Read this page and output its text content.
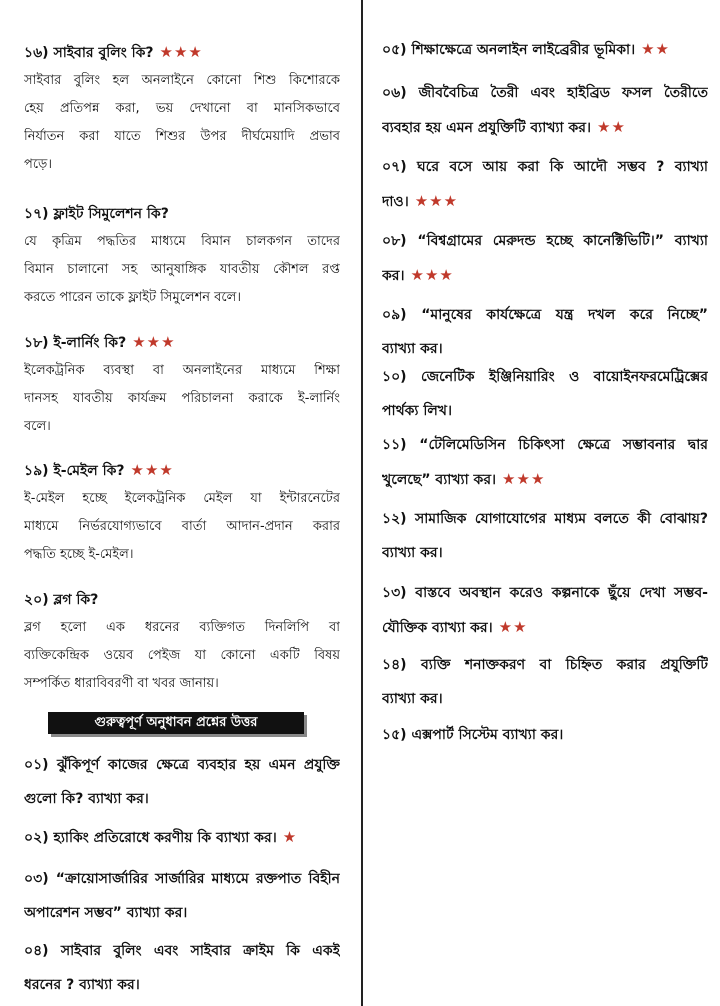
১৬) সাইবার বুলিং কি? ★★★
সাইবার বুলিং হল অনলাইনে কোনো শিশু কিশোরকে
হেয় প্রতিপন্ন করা, ভয় দেখানো বা মানসিকভাবে
নির্যাতন করা যাতে শিশুর উপর দীর্ঘমেয়াদি প্রভাব
পড়ে।
১৭) ফ্লাইট সিমুলেশন কি?
যে কৃত্রিম পদ্ধতির মাধ্যমে বিমান চালকগন তাদের
বিমান চালানো সহ আনুষাঙ্গিক যাবতীয় কৌশল রপ্ত
করতে পারেন তাকে ফ্লাইট সিমুলেশন বলে।
১৮) ই-লার্নিং কি? ★★★
ইলেকট্রনিক ব্যবস্থা বা অনলাইনের মাধ্যমে শিক্ষা
দানসহ যাবতীয় কার্যক্রম পরিচালনা করাকে ই-লার্নিং
বলে।
১৯) ই-মেইল কি? ★★★
ই-মেইল হচ্ছে ইলেকট্রনিক মেইল যা ইন্টারনেটের
মাধ্যমে নির্ভরযোগ্যভাবে বার্তা আদান-প্রদান করার
পদ্ধতি হচ্ছে ই-মেইল।
২০) ব্লগ কি?
ব্লগ হলো এক ধরনের ব্যক্তিগত দিনলিপি বা
ব্যক্তিকেন্দ্রিক ওয়েব পেইজ যা কোনো একটি বিষয়
সম্পর্কিত ধারাবিবরণী বা খবর জানায়।
গুরুত্বপূর্ণ অনুধাবন প্রশ্নের উত্তর
০১) ঝুঁকিপূর্ণ কাজের ক্ষেত্রে ব্যবহার হয় এমন প্রযুক্তি
গুলো কি? ব্যাখ্যা কর।
০২) হ্যাকিং প্রতিরোধে করণীয় কি ব্যাখ্যা কর। ★
০৩) “ক্রায়োসার্জারির সার্জারির মাধ্যমে রক্তপাত বিহীন
অপারেশন সম্ভব” ব্যাখ্যা কর।
০৪) সাইবার বুলিং এবং সাইবার ক্রাইম কি একই
ধরনের ? ব্যাখ্যা কর।
০৫) শিক্ষাক্ষেত্রে অনলাইন লাইব্রেরীর ভূমিকা। ★★
০৬) জীববৈচিত্র তৈরী এবং হাইব্রিড ফসল তৈরীতে
ব্যবহার হয় এমন প্রযুক্তিটি ব্যাখ্যা কর। ★★
০৭) ঘরে বসে আয় করা কি আদৌ সম্ভব ? ব্যাখ্যা
দাও। ★★★
০৮) “বিশ্বগ্রামের মেরুদন্ড হচ্ছে কানেক্টিভিটি।” ব্যাখ্যা
কর। ★★★
০৯) “মানুষের কার্যক্ষেত্রে যন্ত্র দখল করে নিচ্ছে”
ব্যাখ্যা কর।
১০) জেনেটিক ইঞ্জিনিয়ারিং ও বায়োইনফরমেট্রিক্সের
পার্থক্য লিখ।
১১) “টেলিমেডিসিন চিকিৎসা ক্ষেত্রে সম্ভাবনার দ্বার
খুলেছে” ব্যাখ্যা কর। ★★★
১২) সামাজিক যোগাযোগের মাধ্যম বলতে কী বোঝায়?
ব্যাখ্যা কর।
১৩) বাস্তবে অবস্থান করেও কল্পনাকে ছুঁয়ে দেখা সম্ভব-
যৌক্তিক ব্যাখ্যা কর। ★★
১৪) ব্যক্তি শনাক্তকরণ বা চিহ্নিত করার প্রযুক্তিটি
ব্যাখ্যা কর।
১৫) এক্সপার্ট সিস্টেম ব্যাখ্যা কর।
